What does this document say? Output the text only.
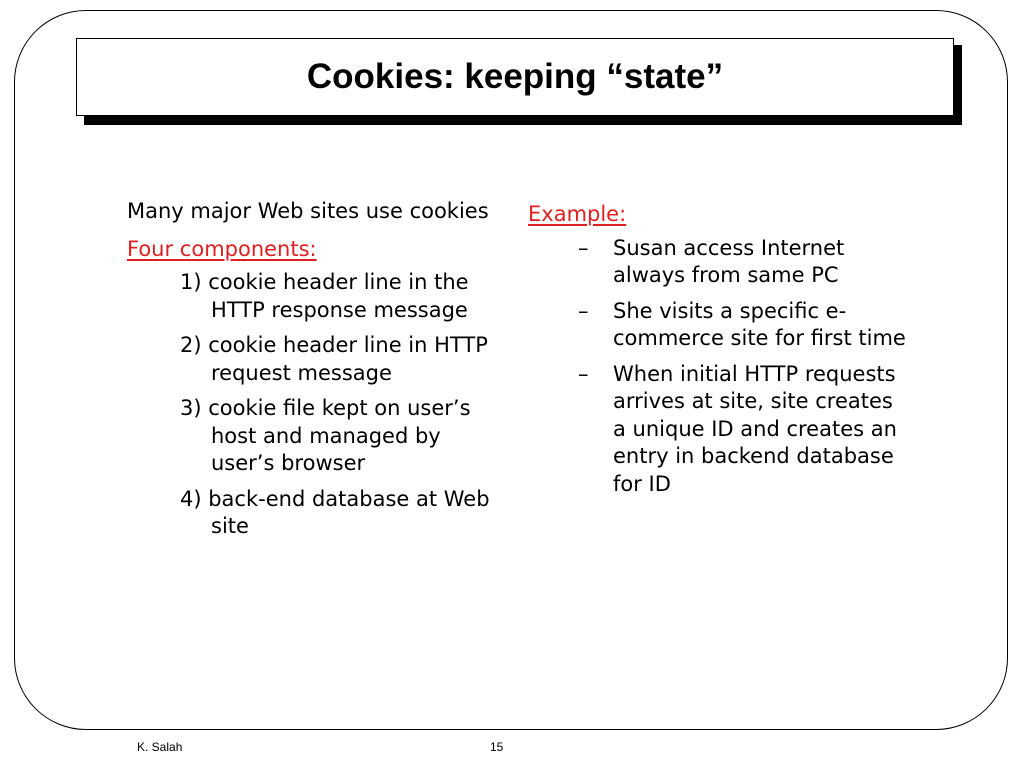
Cookies: keeping “state”
Many major Web sites use cookies
Four components:
1) cookie header line in the HTTP response message
2) cookie header line in HTTP request message
3) cookie file kept on user’s host and managed by user’s browser
4) back-end database at Web site
Example:
– Susan access Internet always from same PC
– She visits a specific e-commerce site for first time
– When initial HTTP requests arrives at site, site creates a unique ID and creates an entry in backend database for ID
K. Salah	15
